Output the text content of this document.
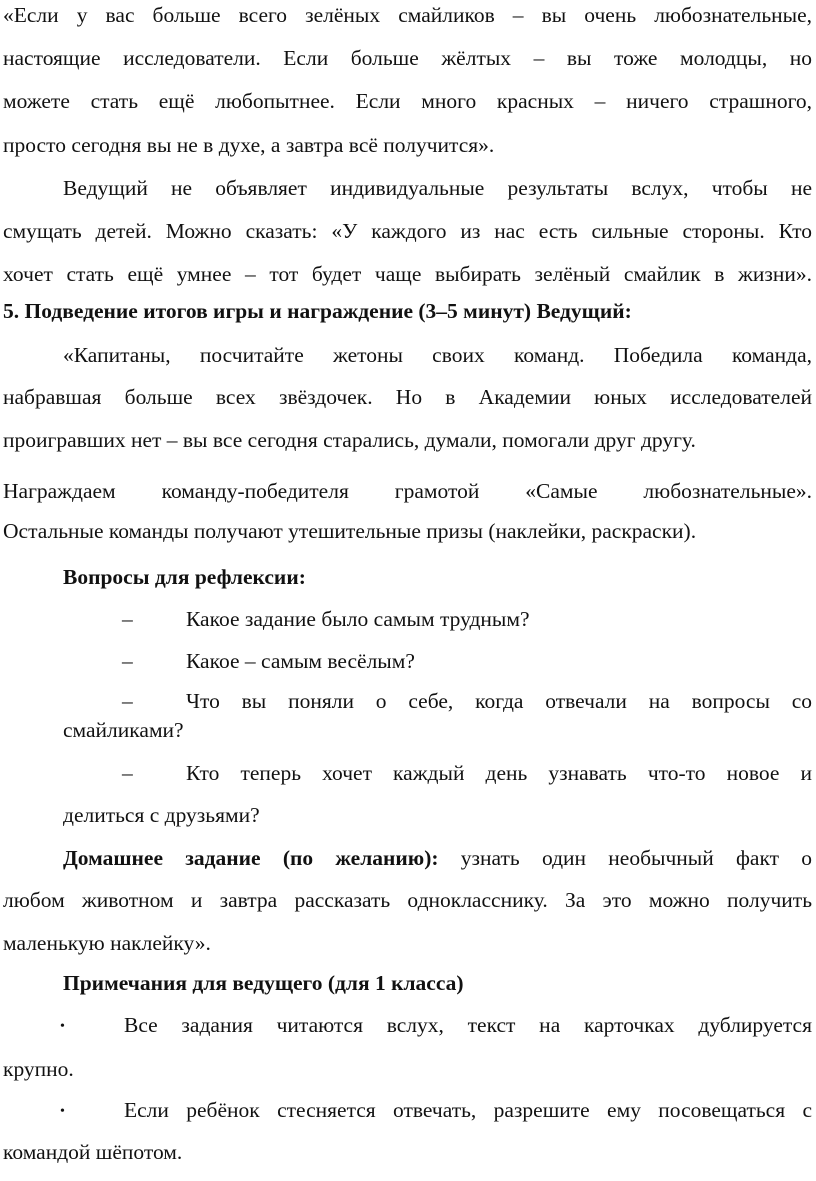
«Если у вас больше всего зелёных смайликов – вы очень любознательные,
настоящие исследователи. Если больше жёлтых – вы тоже молодцы, но
можете стать ещё любопытнее. Если много красных – ничего страшного,
просто сегодня вы не в духе, а завтра всё получится».
Ведущий не объявляет индивидуальные результаты вслух, чтобы не
смущать детей. Можно сказать: «У каждого из нас есть сильные стороны. Кто
хочет стать ещё умнее – тот будет чаще выбирать зелёный смайлик в жизни».
5. Подведение итогов игры и награждение (3–5 минут) Ведущий:
«Капитаны, посчитайте жетоны своих команд. Победила команда,
набравшая больше всех звёздочек. Но в Академии юных исследователей
проигравших нет – вы все сегодня старались, думали, помогали друг другу.
Награждаем команду-победителя грамотой «Самые любознательные».
Остальные команды получают утешительные призы (наклейки, раскраски).
Вопросы для рефлексии:
– Какое задание было самым трудным?
– Какое – самым весёлым?
– Что вы поняли о себе, когда отвечали на вопросы со
смайликами?
– Кто теперь хочет каждый день узнавать что-то новое и
делиться с друзьями?
Домашнее задание (по желанию): узнать один необычный факт о
любом животном и завтра рассказать однокласснику. За это можно получить
маленькую наклейку».
Примечания для ведущего (для 1 класса)
•	Все задания читаются вслух, текст на карточках дублируется
крупно.
•	Если ребёнок стесняется отвечать, разрешите ему посовещаться с
командой шёпотом.
